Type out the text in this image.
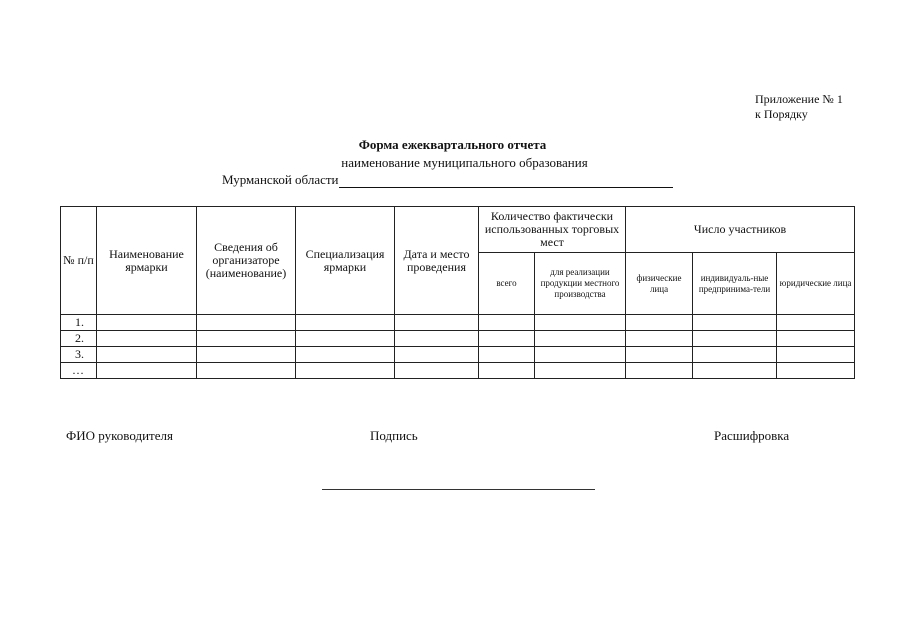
Приложение № 1
к Порядку
Форма ежеквартального отчета
наименование муниципального образования
Мурманской области
№ п/п	Наименование ярмарки	Сведения об организаторе (наименование)	Специализация ярмарки	Дата и место проведения	Количество фактически использованных торговых мест		Число участников		
					всего	для реализации продукции местного производства	физические лица	индивидуаль-ные предпринима-тели	юридические лица
1.									
2.									
3.									
…									
ФИО руководителя	Подпись	Расшифровка
